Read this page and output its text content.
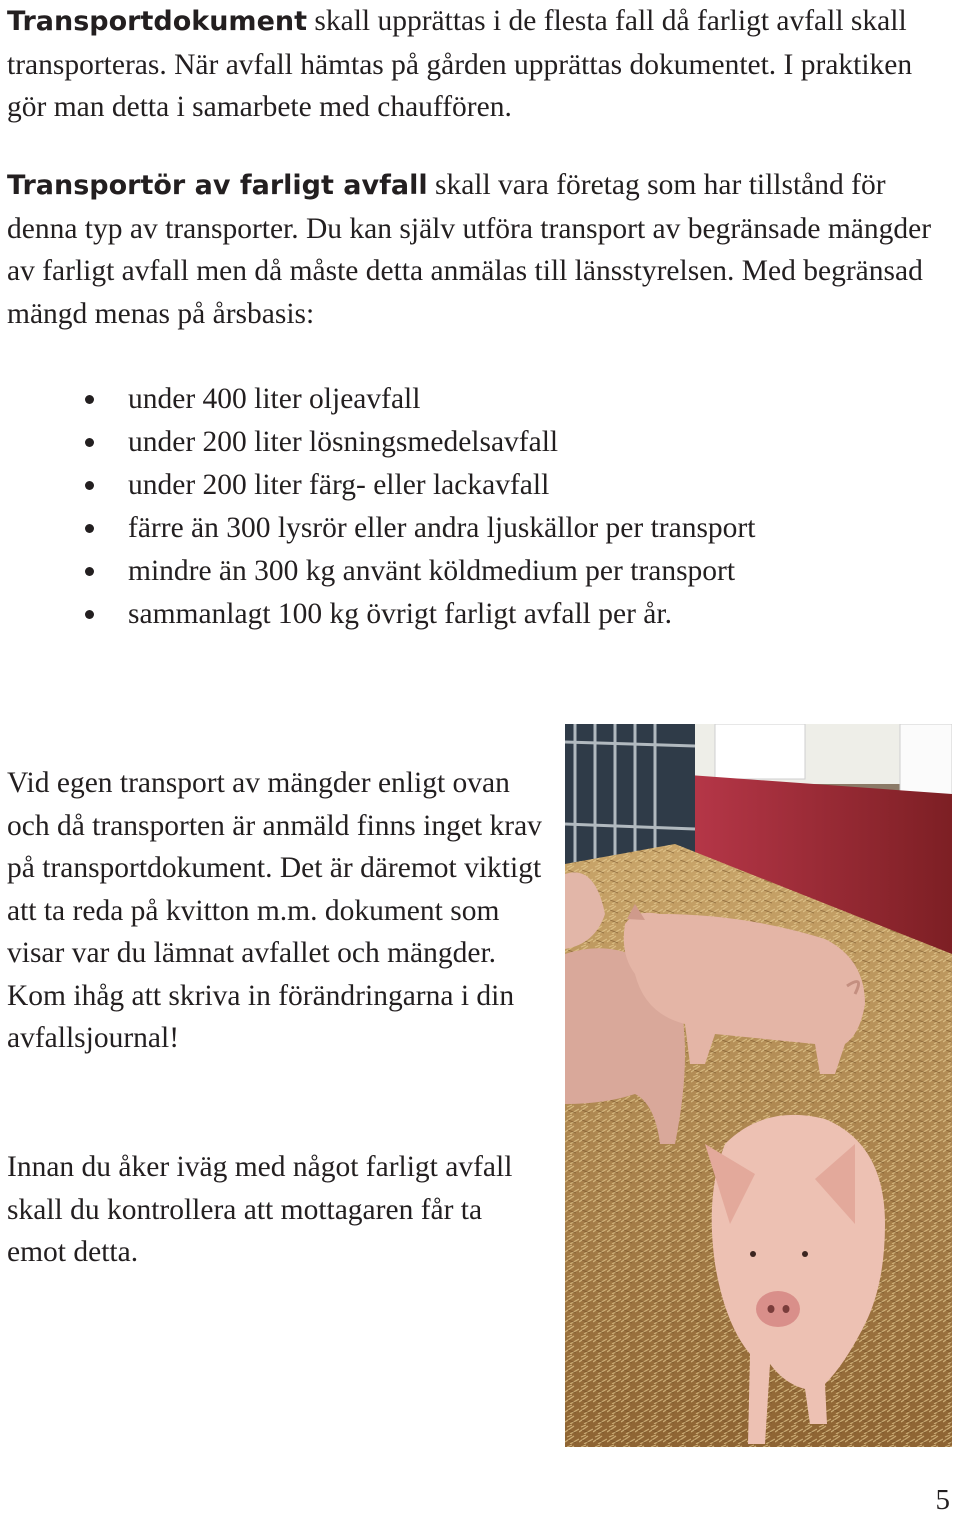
Transportdokument skall upprättas i de flesta fall då farligt avfall skall transporteras. När avfall hämtas på gården upprättas dokumentet. I praktiken gör man detta i samarbete med chauffören.

Transportör av farligt avfall skall vara företag som har tillstånd för denna typ av transporter. Du kan själv utföra transport av begränsade mängder av farligt avfall men då måste detta anmälas till länsstyrelsen. Med begränsad mängd menas på årsbasis:

under 400 liter oljeavfall
under 200 liter lösningsmedelsavfall
under 200 liter färg- eller lackavfall
färre än 300 lysrör eller andra ljuskällor per transport
mindre än 300 kg använt köldmedium per transport
sammanlagt 100 kg övrigt farligt avfall per år.

Vid egen transport av mängder enligt ovan och då transporten är anmäld finns inget krav på transportdokument. Det är däremot viktigt att ta reda på kvitton m.m. dokument som visar var du lämnat avfallet och mängder. Kom ihåg att skriva in förändringarna i din avfallsjournal!

Innan du åker iväg med något farligt avfall skall du kontrollera att mottagaren får ta emot detta.

5
